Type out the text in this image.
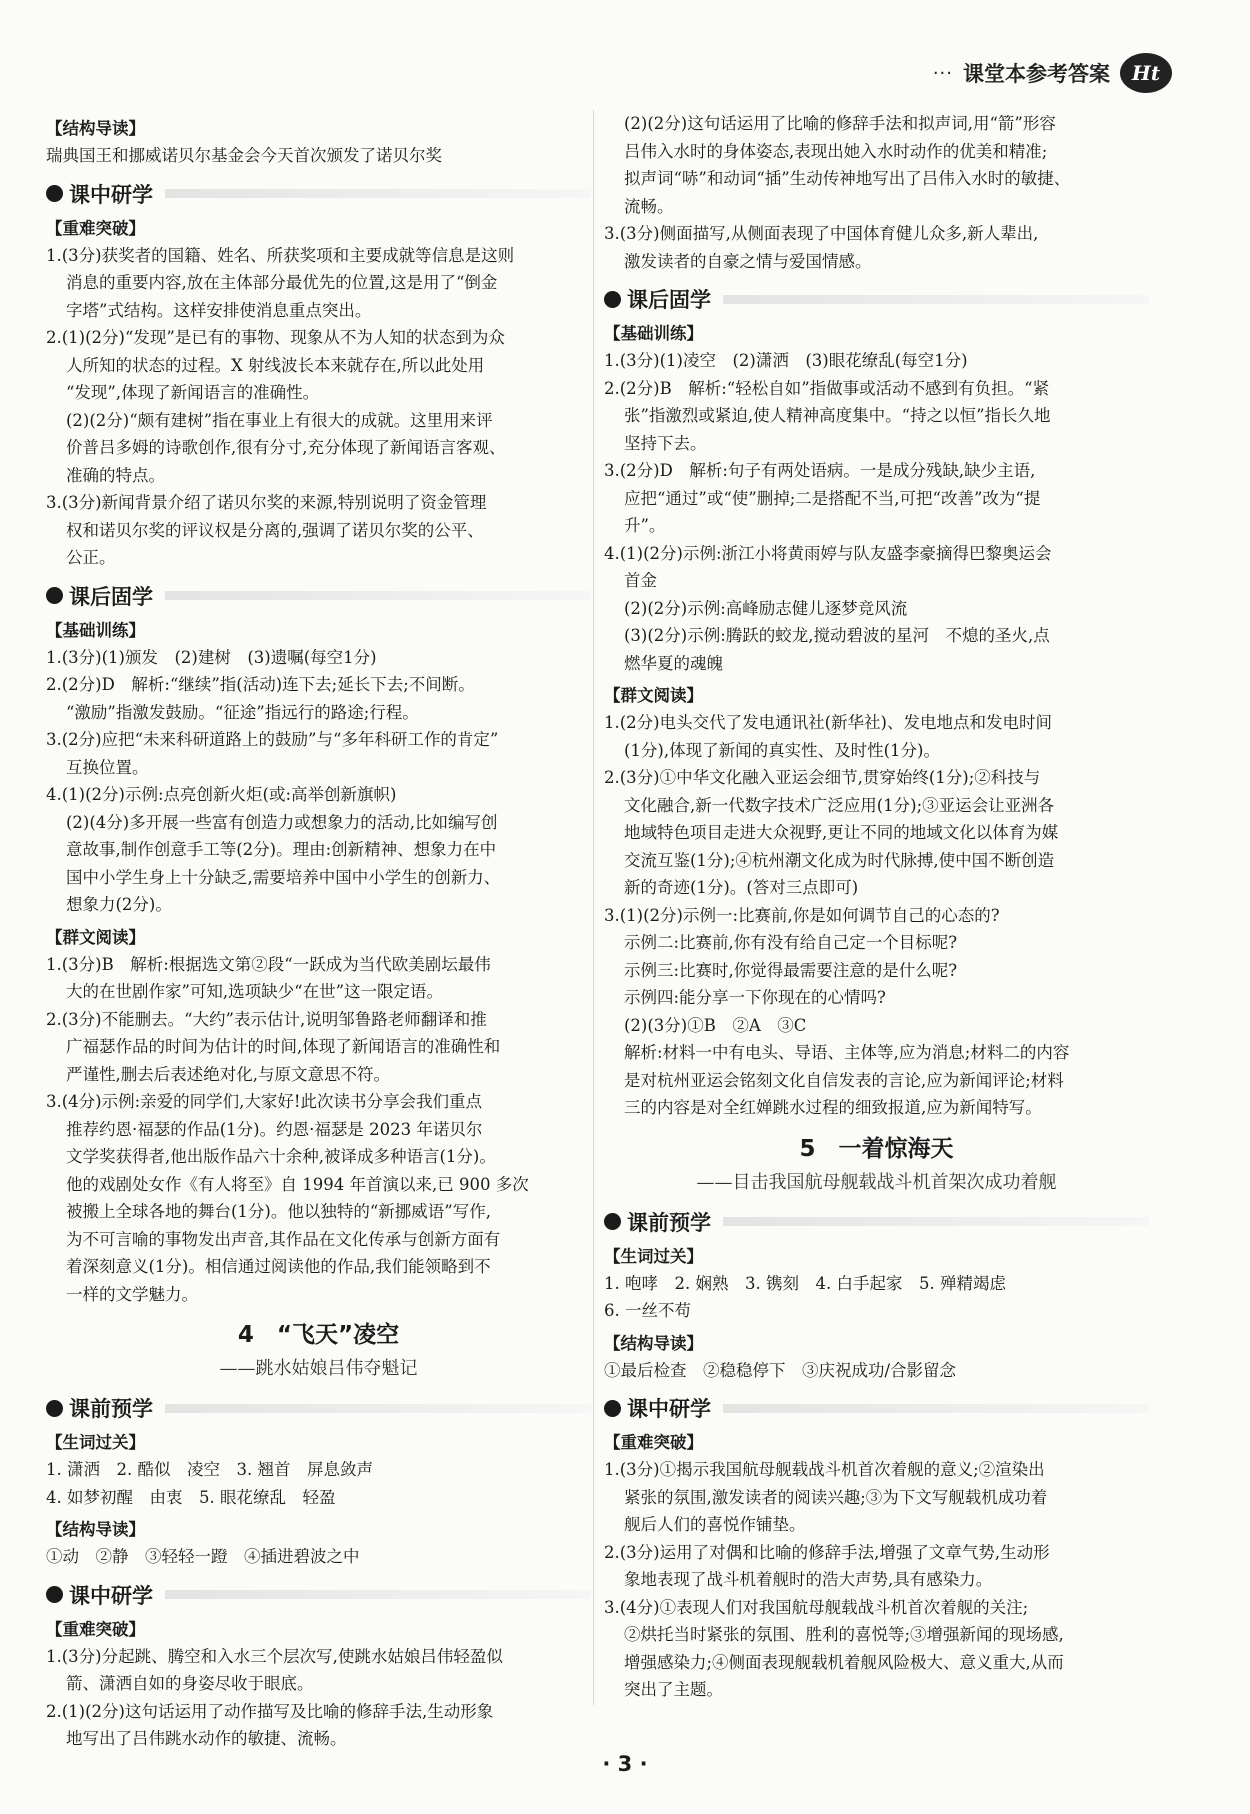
··· 课堂本参考答案	Ht
【结构导读】
瑞典国王和挪威诺贝尔基金会今天首次颁发了诺贝尔奖
课中研学
【重难突破】
1.(3分)获奖者的国籍、姓名、所获奖项和主要成就等信息是这则
消息的重要内容,放在主体部分最优先的位置,这是用了“倒金
字塔”式结构。这样安排使消息重点突出。
2.(1)(2分)“发现”是已有的事物、现象从不为人知的状态到为众
人所知的状态的过程。X 射线波长本来就存在,所以此处用
“发现”,体现了新闻语言的准确性。
(2)(2分)“颇有建树”指在事业上有很大的成就。这里用来评
价普吕多姆的诗歌创作,很有分寸,充分体现了新闻语言客观、
准确的特点。
3.(3分)新闻背景介绍了诺贝尔奖的来源,特别说明了资金管理
权和诺贝尔奖的评议权是分离的,强调了诺贝尔奖的公平、
公正。
课后固学
【基础训练】
1.(3分)(1)颁发　(2)建树　(3)遗嘱(每空1分)
2.(2分)D　解析:“继续”指(活动)连下去;延长下去;不间断。
“激励”指激发鼓励。“征途”指远行的路途;行程。
3.(2分)应把“未来科研道路上的鼓励”与“多年科研工作的肯定”
互换位置。
4.(1)(2分)示例:点亮创新火炬(或:高举创新旗帜)
(2)(4分)多开展一些富有创造力或想象力的活动,比如编写创
意故事,制作创意手工等(2分)。理由:创新精神、想象力在中
国中小学生身上十分缺乏,需要培养中国中小学生的创新力、
想象力(2分)。
【群文阅读】
1.(3分)B　解析:根据选文第②段“一跃成为当代欧美剧坛最伟
大的在世剧作家”可知,选项缺少“在世”这一限定语。
2.(3分)不能删去。“大约”表示估计,说明邹鲁路老师翻译和推
广福瑟作品的时间为估计的时间,体现了新闻语言的准确性和
严谨性,删去后表述绝对化,与原文意思不符。
3.(4分)示例:亲爱的同学们,大家好!此次读书分享会我们重点
推荐约恩·福瑟的作品(1分)。约恩·福瑟是 2023 年诺贝尔
文学奖获得者,他出版作品六十余种,被译成多种语言(1分)。
他的戏剧处女作《有人将至》自 1994 年首演以来,已 900 多次
被搬上全球各地的舞台(1分)。他以独特的“新挪威语”写作,
为不可言喻的事物发出声音,其作品在文化传承与创新方面有
着深刻意义(1分)。相信通过阅读他的作品,我们能领略到不
一样的文学魅力。
4　“飞天”凌空
——跳水姑娘吕伟夺魁记
课前预学
【生词过关】
1. 潇洒　2. 酷似　凌空　3. 翘首　屏息敛声
4. 如梦初醒　由衷　5. 眼花缭乱　轻盈
【结构导读】
①动　②静　③轻轻一蹬　④插进碧波之中
课中研学
【重难突破】
1.(3分)分起跳、腾空和入水三个层次写,使跳水姑娘吕伟轻盈似
箭、潇洒自如的身姿尽收于眼底。
2.(1)(2分)这句话运用了动作描写及比喻的修辞手法,生动形象
地写出了吕伟跳水动作的敏捷、流畅。
(2)(2分)这句话运用了比喻的修辞手法和拟声词,用“箭”形容
吕伟入水时的身体姿态,表现出她入水时动作的优美和精准;
拟声词“哧”和动词“插”生动传神地写出了吕伟入水时的敏捷、
流畅。
3.(3分)侧面描写,从侧面表现了中国体育健儿众多,新人辈出,
激发读者的自豪之情与爱国情感。
课后固学
【基础训练】
1.(3分)(1)凌空　(2)潇洒　(3)眼花缭乱(每空1分)
2.(2分)B　解析:“轻松自如”指做事或活动不感到有负担。“紧
张”指激烈或紧迫,使人精神高度集中。“持之以恒”指长久地
坚持下去。
3.(2分)D　解析:句子有两处语病。一是成分残缺,缺少主语,
应把“通过”或“使”删掉;二是搭配不当,可把“改善”改为“提
升”。
4.(1)(2分)示例:浙江小将黄雨婷与队友盛李豪摘得巴黎奥运会
首金
(2)(2分)示例:高峰励志健儿逐梦竞风流
(3)(2分)示例:腾跃的蛟龙,搅动碧波的星河　不熄的圣火,点
燃华夏的魂魄
【群文阅读】
1.(2分)电头交代了发电通讯社(新华社)、发电地点和发电时间
(1分),体现了新闻的真实性、及时性(1分)。
2.(3分)①中华文化融入亚运会细节,贯穿始终(1分);②科技与
文化融合,新一代数字技术广泛应用(1分);③亚运会让亚洲各
地域特色项目走进大众视野,更让不同的地域文化以体育为媒
交流互鉴(1分);④杭州潮文化成为时代脉搏,使中国不断创造
新的奇迹(1分)。(答对三点即可)
3.(1)(2分)示例一:比赛前,你是如何调节自己的心态的?
示例二:比赛前,你有没有给自己定一个目标呢?
示例三:比赛时,你觉得最需要注意的是什么呢?
示例四:能分享一下你现在的心情吗?
(2)(3分)①B　②A　③C
解析:材料一中有电头、导语、主体等,应为消息;材料二的内容
是对杭州亚运会铭刻文化自信发表的言论,应为新闻评论;材料
三的内容是对全红婵跳水过程的细致报道,应为新闻特写。
5　一着惊海天
——目击我国航母舰载战斗机首架次成功着舰
课前预学
【生词过关】
1. 咆哮　2. 娴熟　3. 镌刻　4. 白手起家　5. 殚精竭虑
6. 一丝不苟
【结构导读】
①最后检查　②稳稳停下　③庆祝成功/合影留念
课中研学
【重难突破】
1.(3分)①揭示我国航母舰载战斗机首次着舰的意义;②渲染出
紧张的氛围,激发读者的阅读兴趣;③为下文写舰载机成功着
舰后人们的喜悦作铺垫。
2.(3分)运用了对偶和比喻的修辞手法,增强了文章气势,生动形
象地表现了战斗机着舰时的浩大声势,具有感染力。
3.(4分)①表现人们对我国航母舰载战斗机首次着舰的关注;
②烘托当时紧张的氛围、胜利的喜悦等;③增强新闻的现场感,
增强感染力;④侧面表现舰载机着舰风险极大、意义重大,从而
突出了主题。
· 3 ·
